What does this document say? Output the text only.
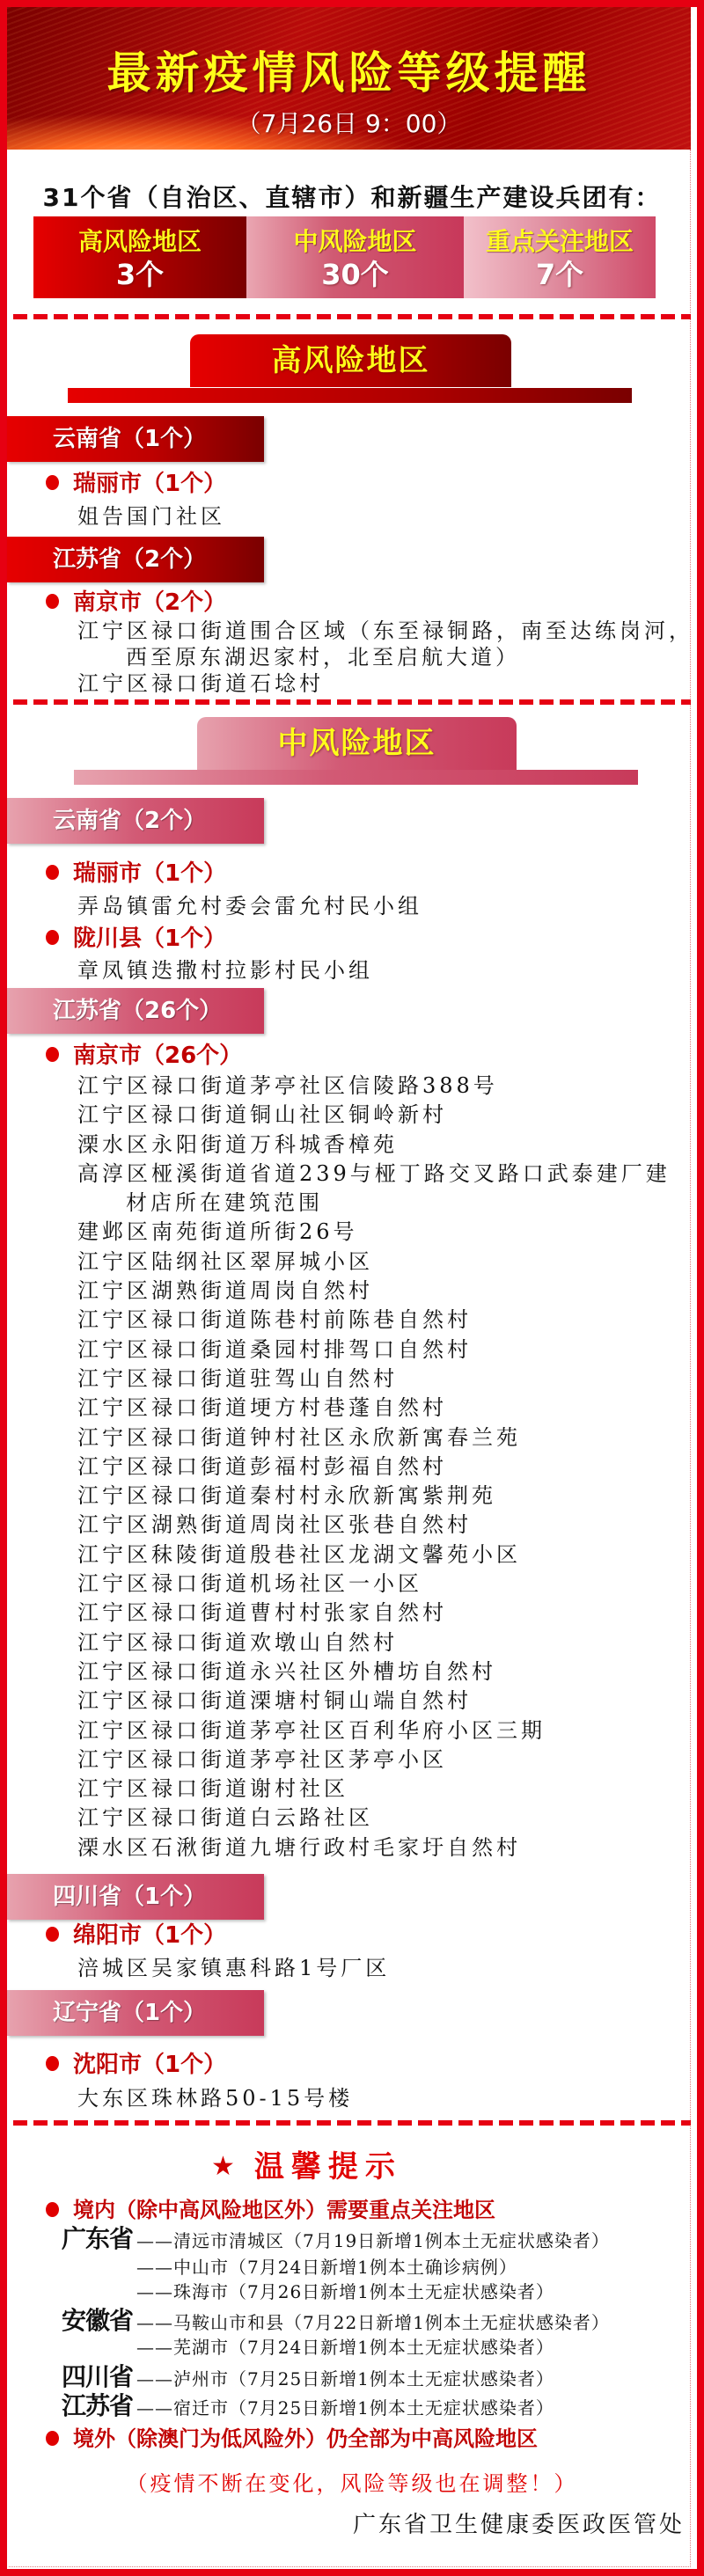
最新疫情风险等级提醒
（7月26日 9：00）
31个省（自治区、直辖市）和新疆生产建设兵团有：
高风险地区
3个
中风险地区
30个
重点关注地区
7个
高风险地区
云南省（1个）
瑞丽市（1个）
姐告国门社区
江苏省（2个）
南京市（2个）
江宁区禄口街道围合区域（东至禄铜路，南至达练岗河，西至原东湖迟家村，北至启航大道）
江宁区禄口街道石埝村
中风险地区
云南省（2个）
瑞丽市（1个）
弄岛镇雷允村委会雷允村民小组
陇川县（1个）
章凤镇迭撒村拉影村民小组
江苏省（26个）
南京市（26个）
江宁区禄口街道茅亭社区信陵路388号
江宁区禄口街道铜山社区铜岭新村
溧水区永阳街道万科城香樟苑
高淳区桠溪街道省道239与桠丁路交叉路口武泰建厂建材店所在建筑范围
建邺区南苑街道所街26号
江宁区陆纲社区翠屏城小区
江宁区湖熟街道周岗自然村
江宁区禄口街道陈巷村前陈巷自然村
江宁区禄口街道桑园村排驾口自然村
江宁区禄口街道驻驾山自然村
江宁区禄口街道埂方村巷蓬自然村
江宁区禄口街道钟村社区永欣新寓春兰苑
江宁区禄口街道彭福村彭福自然村
江宁区禄口街道秦村村永欣新寓紫荆苑
江宁区湖熟街道周岗社区张巷自然村
江宁区秣陵街道殷巷社区龙湖文馨苑小区
江宁区禄口街道机场社区一小区
江宁区禄口街道曹村村张家自然村
江宁区禄口街道欢墩山自然村
江宁区禄口街道永兴社区外槽坊自然村
江宁区禄口街道溧塘村铜山端自然村
江宁区禄口街道茅亭社区百利华府小区三期
江宁区禄口街道茅亭社区茅亭小区
江宁区禄口街道谢村社区
江宁区禄口街道白云路社区
溧水区石湫街道九塘行政村毛家圩自然村
四川省（1个）
绵阳市（1个）
涪城区吴家镇惠科路1号厂区
辽宁省（1个）
沈阳市（1个）
大东区珠林路50-15号楼
★ 温馨提示
境内（除中高风险地区外）需要重点关注地区
广东省 ——清远市清城区（7月19日新增1例本土无症状感染者）
——中山市（7月24日新增1例本土确诊病例）
——珠海市（7月26日新增1例本土无症状感染者）
安徽省 ——马鞍山市和县（7月22日新增1例本土无症状感染者）
——芜湖市（7月24日新增1例本土无症状感染者）
四川省 ——泸州市（7月25日新增1例本土无症状感染者）
江苏省 ——宿迁市（7月25日新增1例本土无症状感染者）
境外（除澳门为低风险外）仍全部为中高风险地区
（疫情不断在变化，风险等级也在调整！）
广东省卫生健康委医政医管处
